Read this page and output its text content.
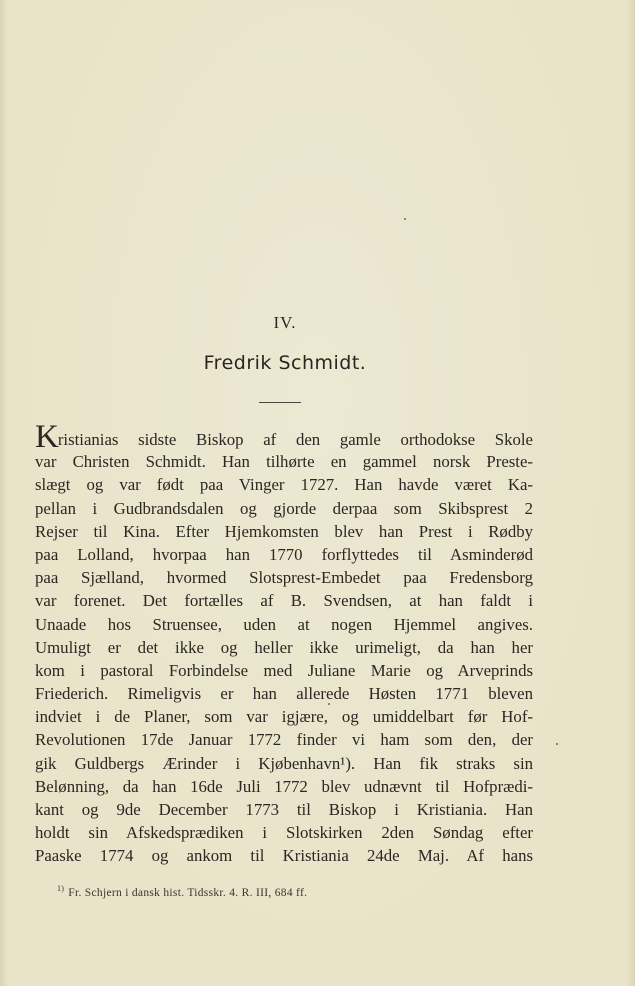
IV.
Fredrik Schmidt.
Kristianias sidste Biskop af den gamle orthodokse Skole
var Christen Schmidt. Han tilhørte en gammel norsk Preste-
slægt og var født paa Vinger 1727. Han havde været Ka-
pellan i Gudbrandsdalen og gjorde derpaa som Skibsprest 2
Rejser til Kina. Efter Hjemkomsten blev han Prest i Rødby
paa Lolland, hvorpaa han 1770 forflyttedes til Asminderød
paa Sjælland, hvormed Slotsprest-Embedet paa Fredensborg
var forenet. Det fortælles af B. Svendsen, at han faldt i
Unaade hos Struensee, uden at nogen Hjemmel angives.
Umuligt er det ikke og heller ikke urimeligt, da han her
kom i pastoral Forbindelse med Juliane Marie og Arveprinds
Friederich. Rimeligvis er han allerede Høsten 1771 bleven
indviet i de Planer, som var igjære, og umiddelbart før Hof-
Revolutionen 17de Januar 1772 finder vi ham som den, der
gik Guldbergs Ærinder i Kjøbenhavn¹). Han fik straks sin
Belønning, da han 16de Juli 1772 blev udnævnt til Hofprædi-
kant og 9de December 1773 til Biskop i Kristiania. Han
holdt sin Afskedsprædiken i Slotskirken 2den Søndag efter
Paaske 1774 og ankom til Kristiania 24de Maj. Af hans
$^{1)}$ Fr. Schjern i dansk hist. Tidsskr. 4. R. III, 684 ff.
